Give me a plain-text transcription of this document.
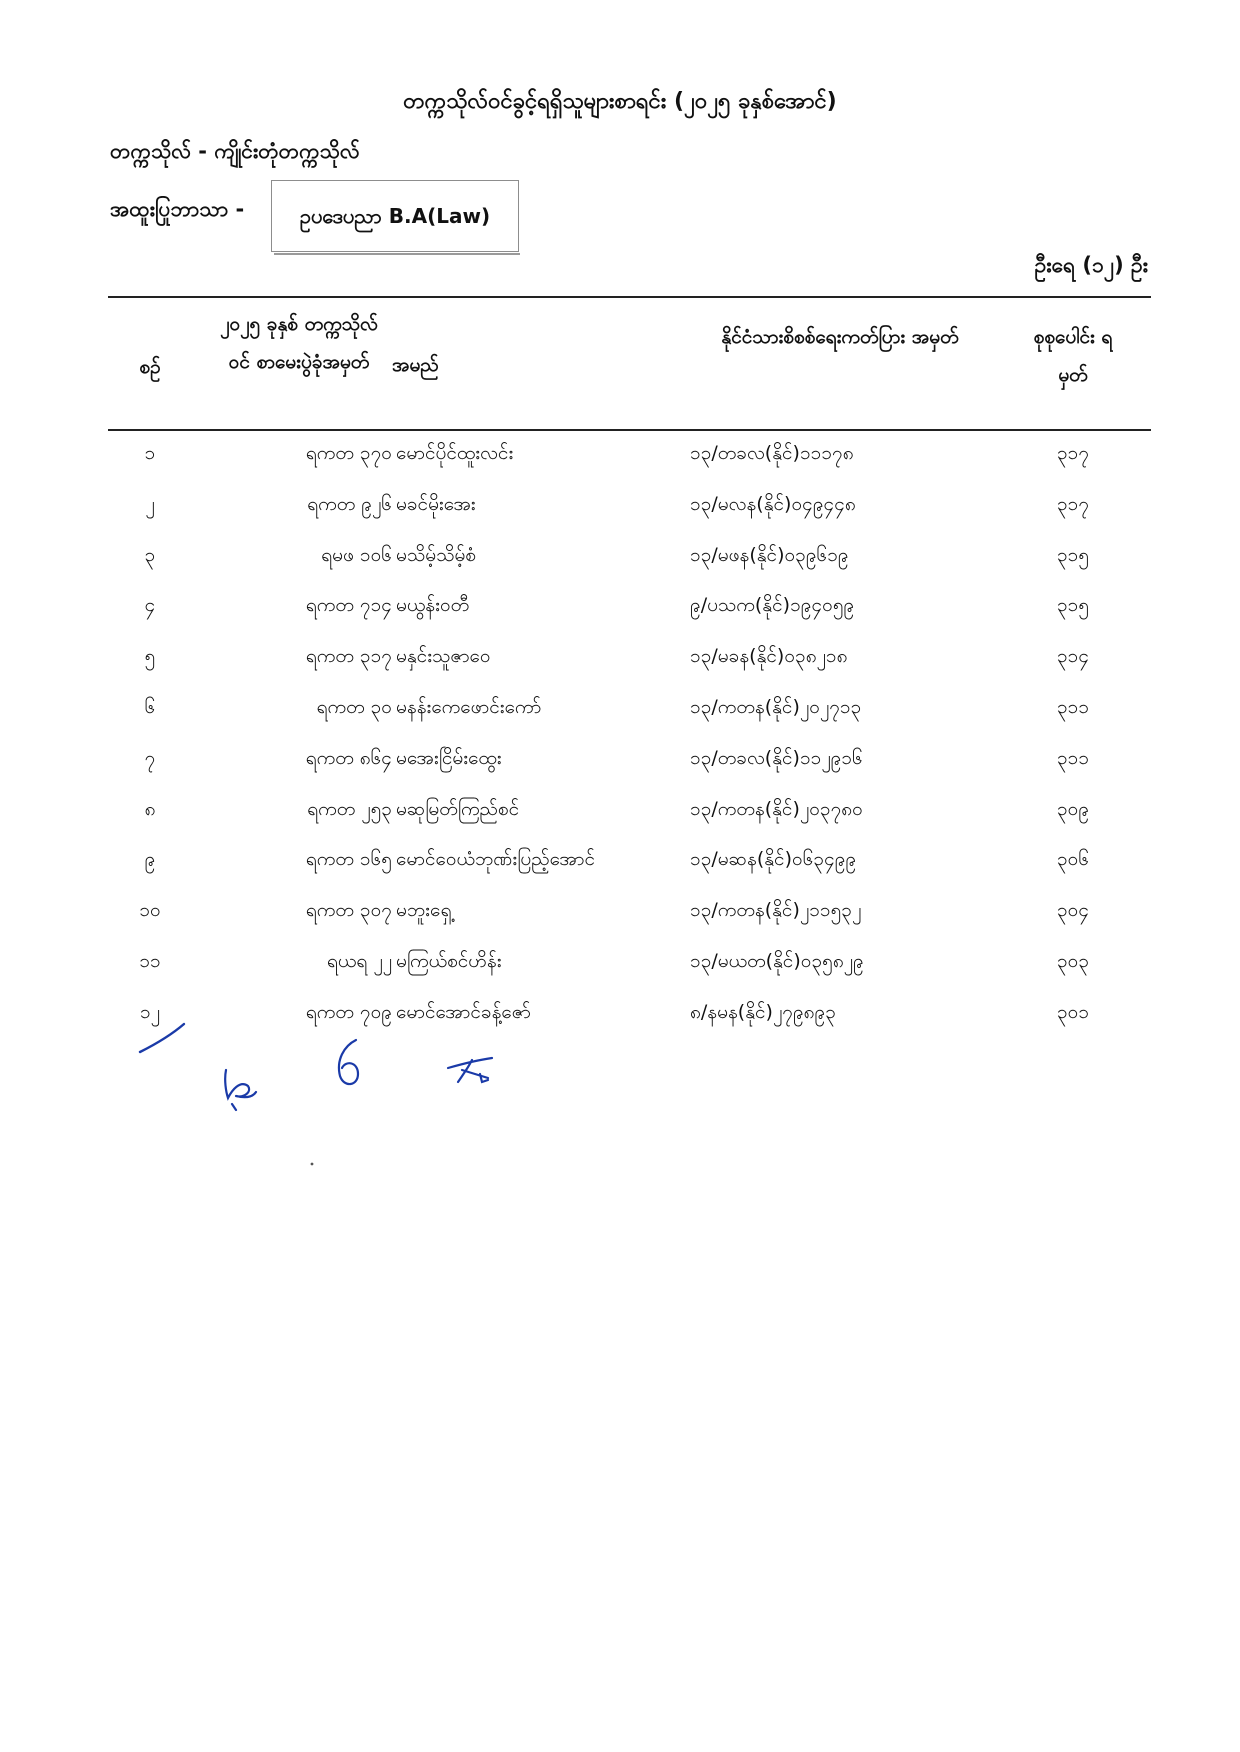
တက္ကသိုလ်ဝင်ခွင့်ရရှိသူများစာရင်း (၂၀၂၅ ခုနှစ်အောင်)
တက္ကသိုလ် - ကျိုင်းတုံတက္ကသိုလ်
အထူးပြုဘာသာ -	ဥပဒေပညာ B.A(Law)
ဦးရေ (၁၂) ဦး
စဉ်
၂၀၂၅ ခုနှစ် တက္ကသိုလ်ဝင် စာမေးပွဲခုံအမှတ်	အမည်
နိုင်ငံသားစိစစ်ရေးကတ်ပြား အမှတ်	စုစုပေါင်း ရမှတ်
၁	ရကတ ၃၇၀ မောင်ပိုင်ထူးလင်း	၁၃/တခလ(နိုင်)၁၁၁၇၈	၃၁၇
၂	ရကတ ၉၂၆ မခင်မိုးအေး	၁၃/မလန(နိုင်)၀၄၉၄၄၈	၃၁၇
၃	ရမဖ ၁၀၆ မသိမ့်သိမ့်စံ	၁၃/မဖန(နိုင်)၀၃၉၆၁၉	၃၁၅
၄	ရကတ ၇၁၄ မယွန်းဝတီ	၉/ပသက(နိုင်)၁၉၄၀၅၉	၃၁၅
၅	ရကတ ၃၁၇ မနှင်းသူဇာဝေ	၁၃/မခန(နိုင်)၀၃၈၂၁၈	၃၁၄
၆	ရကတ ၃၀ မနန်းကေဖောင်းကော်	၁၃/ကတန(နိုင်)၂၀၂၇၁၃	၃၁၁
၇	ရကတ ၈၆၄ မအေးငြိမ်းထွေး	၁၃/တခလ(နိုင်)၁၁၂၉၁၆	၃၁၁
၈	ရကတ ၂၅၃ မဆုမြတ်ကြည်စင်	၁၃/ကတန(နိုင်)၂၀၃၇၈၀	၃၀၉
၉	ရကတ ၁၆၅ မောင်ဝေယံဘုဏ်းပြည့်အောင်	၁၃/မဆန(နိုင်)၀၆၃၄၉၉	၃၀၆
၁၀	ရကတ ၃၀၇ မဘူးရှေ့	၁၃/ကတန(နိုင်)၂၁၁၅၃၂	၃၀၄
၁၁	ရယရ ၂၂ မကြယ်စင်ဟိန်း	၁၃/မယတ(နိုင်)၀၃၅၈၂၉	၃၀၃
၁၂	ရကတ ၇၀၉ မောင်အောင်ခန့်ဇော်	၈/နမန(နိုင်)၂၇၉၈၉၃	၃၀၁
